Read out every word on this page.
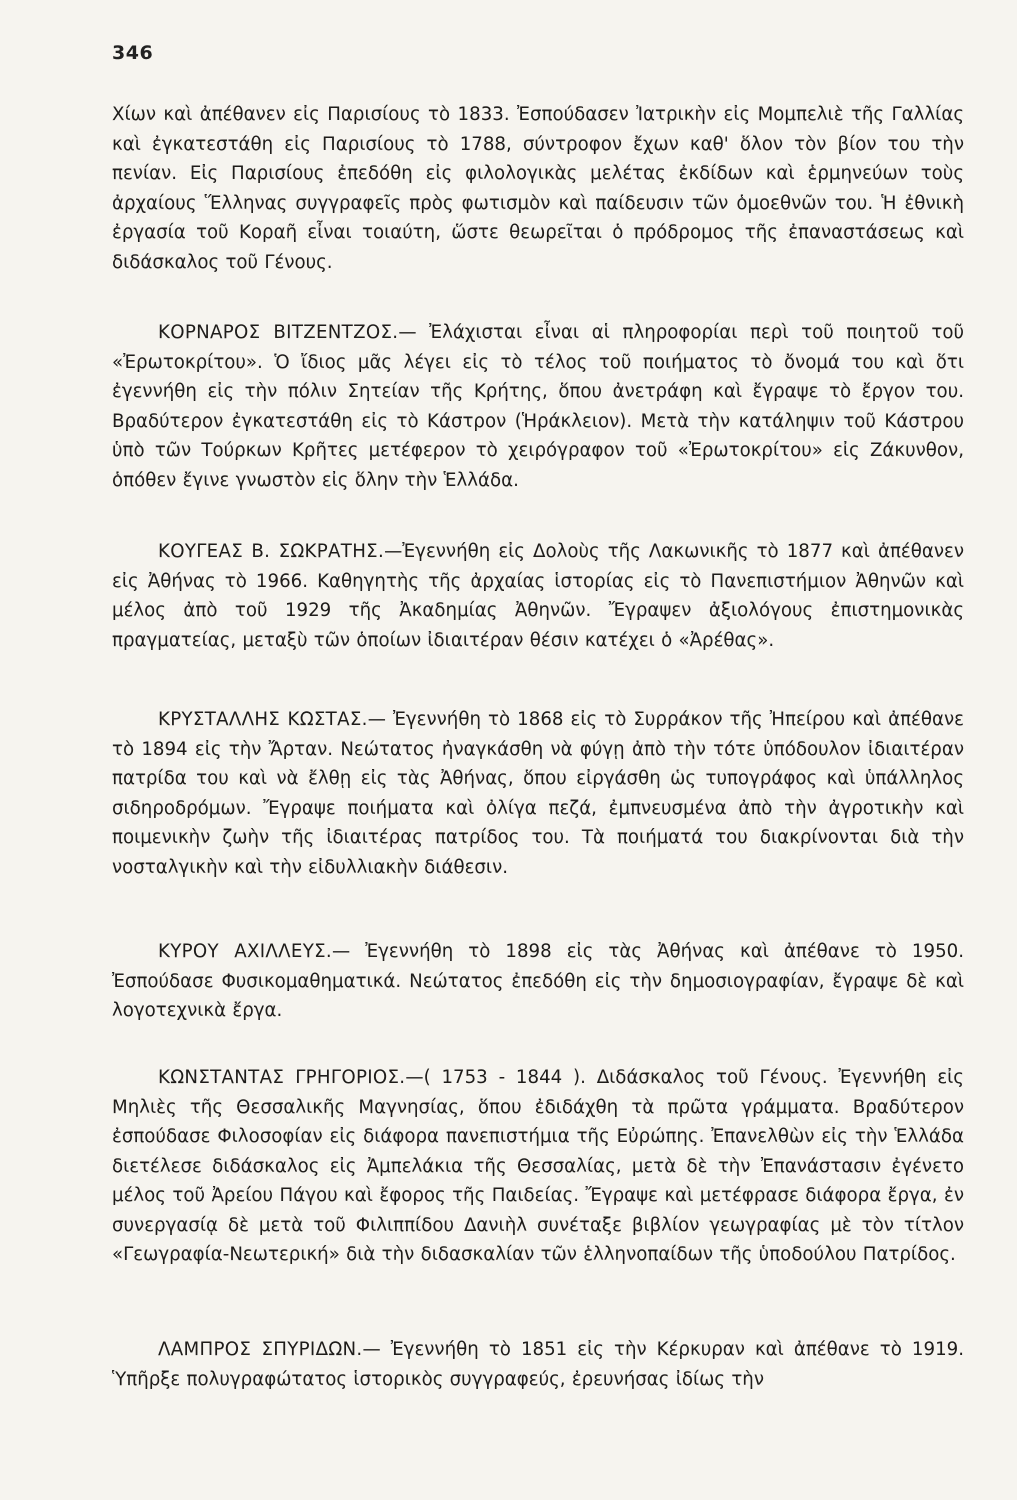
346

Χίων καὶ ἀπέθανεν εἰς Παρισίους τὸ 1833. Ἐσπούδασεν Ἰατρικὴν εἰς Μομπελιὲ τῆς Γαλλίας καὶ ἐγκατεστάθη εἰς Παρισίους τὸ 1788, σύντροφον ἔχων καθ' ὅλον τὸν βίον του τὴν πενίαν. Εἰς Παρισίους ἐπεδόθη εἰς φιλολογικὰς μελέτας ἐκδίδων καὶ ἑρμηνεύων τοὺς ἀρχαίους Ἕλληνας συγγραφεῖς πρὸς φωτισμὸν καὶ παίδευσιν τῶν ὁμοεθνῶν του. Ἡ ἐθνικὴ ἐργασία τοῦ Κοραῆ εἶναι τοιαύτη, ὥστε θεωρεῖται ὁ πρόδρομος τῆς ἐπαναστάσεως καὶ διδάσκαλος τοῦ Γένους.

ΚΟΡΝΑΡΟΣ ΒΙΤΖΕΝΤΖΟΣ.— Ἐλάχισται εἶναι αἱ πληροφορίαι περὶ τοῦ ποιητοῦ τοῦ «Ἐρωτοκρίτου». Ὁ ἴδιος μᾶς λέγει εἰς τὸ τέλος τοῦ ποιήματος τὸ ὄνομά του καὶ ὅτι ἐγεννήθη εἰς τὴν πόλιν Σητείαν τῆς Κρήτης, ὅπου ἀνετράφη καὶ ἔγραψε τὸ ἔργον του. Βραδύτερον ἐγκατεστάθη εἰς τὸ Κάστρον (Ἡράκλειον). Μετὰ τὴν κατάληψιν τοῦ Κάστρου ὑπὸ τῶν Τούρκων Κρῆτες μετέφερον τὸ χειρόγραφον τοῦ «Ἐρωτοκρίτου» εἰς Ζάκυνθον, ὁπόθεν ἔγινε γνωστὸν εἰς ὅλην τὴν Ἑλλάδα.

ΚΟΥΓΕΑΣ Β. ΣΩΚΡΑΤΗΣ.—Ἐγεννήθη εἰς Δολοὺς τῆς Λακωνικῆς τὸ 1877 καὶ ἀπέθανεν εἰς Ἀθήνας τὸ 1966. Καθηγητὴς τῆς ἀρχαίας ἱστορίας εἰς τὸ Πανεπιστήμιον Ἀθηνῶν καὶ μέλος ἀπὸ τοῦ 1929 τῆς Ἀκαδημίας Ἀθηνῶν. Ἔγραψεν ἀξιολόγους ἐπιστημονικὰς πραγματείας, μεταξὺ τῶν ὁποίων ἰδιαιτέραν θέσιν κατέχει ὁ «Ἀρέθας».

ΚΡΥΣΤΑΛΛΗΣ ΚΩΣΤΑΣ.— Ἐγεννήθη τὸ 1868 εἰς τὸ Συρράκον τῆς Ἠπείρου καὶ ἀπέθανε τὸ 1894 εἰς τὴν Ἄρταν. Νεώτατος ἠναγκάσθη νὰ φύγῃ ἀπὸ τὴν τότε ὑπόδουλον ἰδιαιτέραν πατρίδα του καὶ νὰ ἔλθῃ εἰς τὰς Ἀθήνας, ὅπου εἰργάσθη ὡς τυπογράφος καὶ ὑπάλληλος σιδηροδρόμων. Ἔγραψε ποιήματα καὶ ὀλίγα πεζά, ἐμπνευσμένα ἀπὸ τὴν ἀγροτικὴν καὶ ποιμενικὴν ζωὴν τῆς ἰδιαιτέρας πατρίδος του. Τὰ ποιήματά του διακρίνονται διὰ τὴν νοσταλγικὴν καὶ τὴν εἰδυλλιακὴν διάθεσιν.

ΚΥΡΟΥ ΑΧΙΛΛΕΥΣ.— Ἐγεννήθη τὸ 1898 εἰς τὰς Ἀθήνας καὶ ἀπέθανε τὸ 1950. Ἐσπούδασε Φυσικομαθηματικά. Νεώτατος ἐπεδόθη εἰς τὴν δημοσιογραφίαν, ἔγραψε δὲ καὶ λογοτεχνικὰ ἔργα.

ΚΩΝΣΤΑΝΤΑΣ ΓΡΗΓΟΡΙΟΣ.—( 1753 - 1844 ). Διδάσκαλος τοῦ Γένους. Ἐγεννήθη εἰς Μηλιὲς τῆς Θεσσαλικῆς Μαγνησίας, ὅπου ἐδιδάχθη τὰ πρῶτα γράμματα. Βραδύτερον ἐσπούδασε Φιλοσοφίαν εἰς διάφορα πανεπιστήμια τῆς Εὐρώπης. Ἐπανελθὼν εἰς τὴν Ἑλλάδα διετέλεσε διδάσκαλος εἰς Ἀμπελάκια τῆς Θεσσαλίας, μετὰ δὲ τὴν Ἐπανάστασιν ἐγένετο μέλος τοῦ Ἀρείου Πάγου καὶ ἔφορος τῆς Παιδείας. Ἔγραψε καὶ μετέφρασε διάφορα ἔργα, ἐν συνεργασίᾳ δὲ μετὰ τοῦ Φιλιππίδου Δανιὴλ συνέταξε βιβλίον γεωγραφίας μὲ τὸν τίτλον «Γεωγραφία-Νεωτερική» διὰ τὴν διδασκαλίαν τῶν ἑλληνοπαίδων τῆς ὑποδούλου Πατρίδος.

ΛΑΜΠΡΟΣ ΣΠΥΡΙΔΩΝ.— Ἐγεννήθη τὸ 1851 εἰς τὴν Κέρκυραν καὶ ἀπέθανε τὸ 1919. Ὑπῆρξε πολυγραφώτατος ἱστορικὸς συγγραφεύς, ἐρευνήσας ἰδίως τὴν
